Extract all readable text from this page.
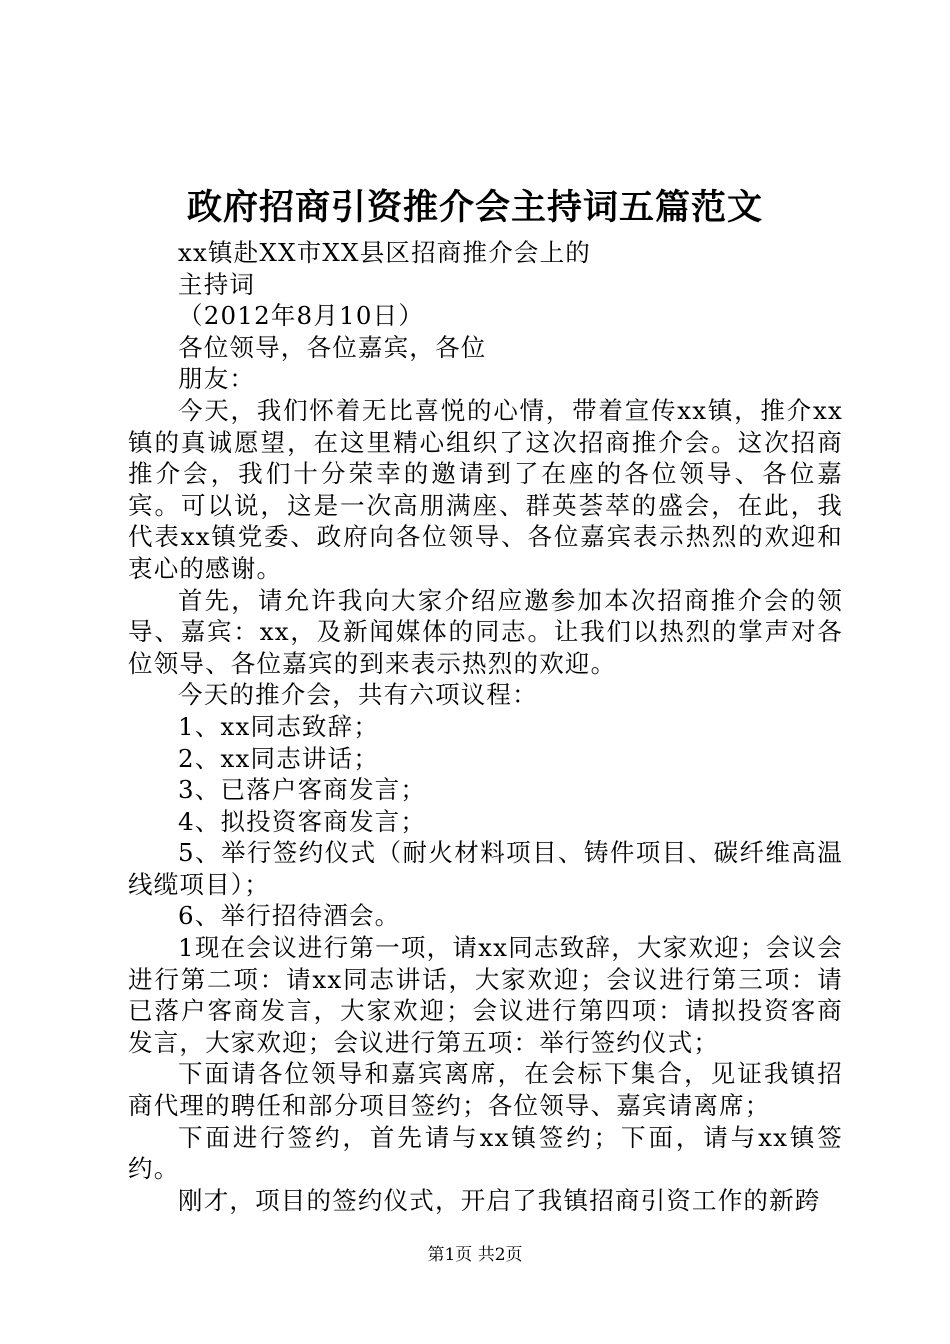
政府招商引资推介会主持词五篇范文

xx镇赴XX市XX县区招商推介会上的

主持词

（2012年8月10日）

各位领导，各位嘉宾，各位

朋友：

今天，我们怀着无比喜悦的心情，带着宣传xx镇，推介xx镇的真诚愿望，在这里精心组织了这次招商推介会。这次招商推介会，我们十分荣幸的邀请到了在座的各位领导、各位嘉宾。可以说，这是一次高朋满座、群英荟萃的盛会，在此，我代表xx镇党委、政府向各位领导、各位嘉宾表示热烈的欢迎和衷心的感谢。

首先，请允许我向大家介绍应邀参加本次招商推介会的领导、嘉宾：xx，及新闻媒体的同志。让我们以热烈的掌声对各位领导、各位嘉宾的到来表示热烈的欢迎。

今天的推介会，共有六项议程：

1、xx同志致辞；

2、xx同志讲话；

3、已落户客商发言；

4、拟投资客商发言；

5、举行签约仪式（耐火材料项目、铸件项目、碳纤维高温线缆项目）；

6、举行招待酒会。

1现在会议进行第一项，请xx同志致辞，大家欢迎；会议会进行第二项：请xx同志讲话，大家欢迎；会议进行第三项：请已落户客商发言，大家欢迎；会议进行第四项：请拟投资客商发言，大家欢迎；会议进行第五项：举行签约仪式；

下面请各位领导和嘉宾离席，在会标下集合，见证我镇招商代理的聘任和部分项目签约；各位领导、嘉宾请离席；

下面进行签约，首先请与xx镇签约；下面，请与xx镇签约。

刚才，项目的签约仪式，开启了我镇招商引资工作的新跨

第1页 共2页
